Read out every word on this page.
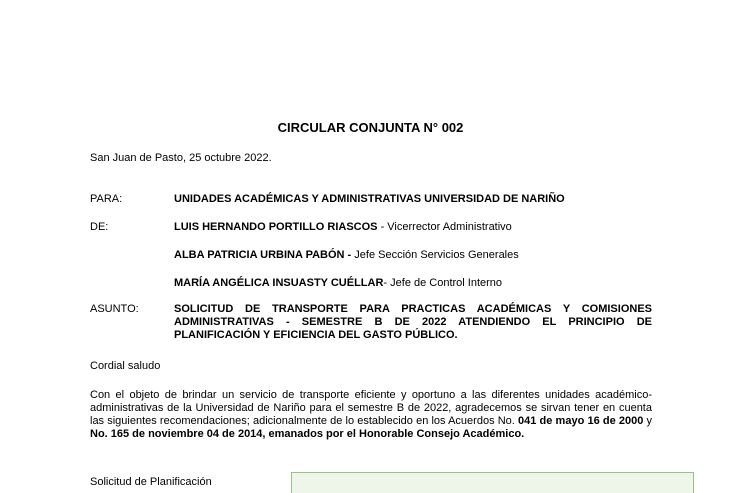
CIRCULAR CONJUNTA N° 002
San Juan de Pasto, 25 octubre 2022.
PARA:	UNIDADES ACADÉMICAS Y ADMINISTRATIVAS UNIVERSIDAD DE NARIÑO
DE:	LUIS HERNANDO PORTILLO RIASCOS - Vicerrector Administrativo
ALBA PATRICIA URBINA PABÓN - Jefe Sección Servicios Generales
MARÍA ANGÉLICA INSUASTY CUÉLLAR- Jefe de Control Interno
ASUNTO:	SOLICITUD DE TRANSPORTE PARA PRACTICAS ACADÉMICAS Y COMISIONES ADMINISTRATIVAS - SEMESTRE B DE 2022 ATENDIENDO EL PRINCIPIO DE PLANIFICACIÓN Y EFICIENCIA DEL GASTO PÚBLICO.
Cordial saludo
Con el objeto de brindar un servicio de transporte eficiente y oportuno a las diferentes unidades académico-administrativas de la Universidad de Nariño para el semestre B de 2022, agradecemos se sirvan tener en cuenta las siguientes recomendaciones; adicionalmente de lo establecido en los Acuerdos No. 041 de mayo 16 de 2000 y No. 165 de noviembre 04 de 2014, emanados por el Honorable Consejo Académico.
Solicitud de Planificación
